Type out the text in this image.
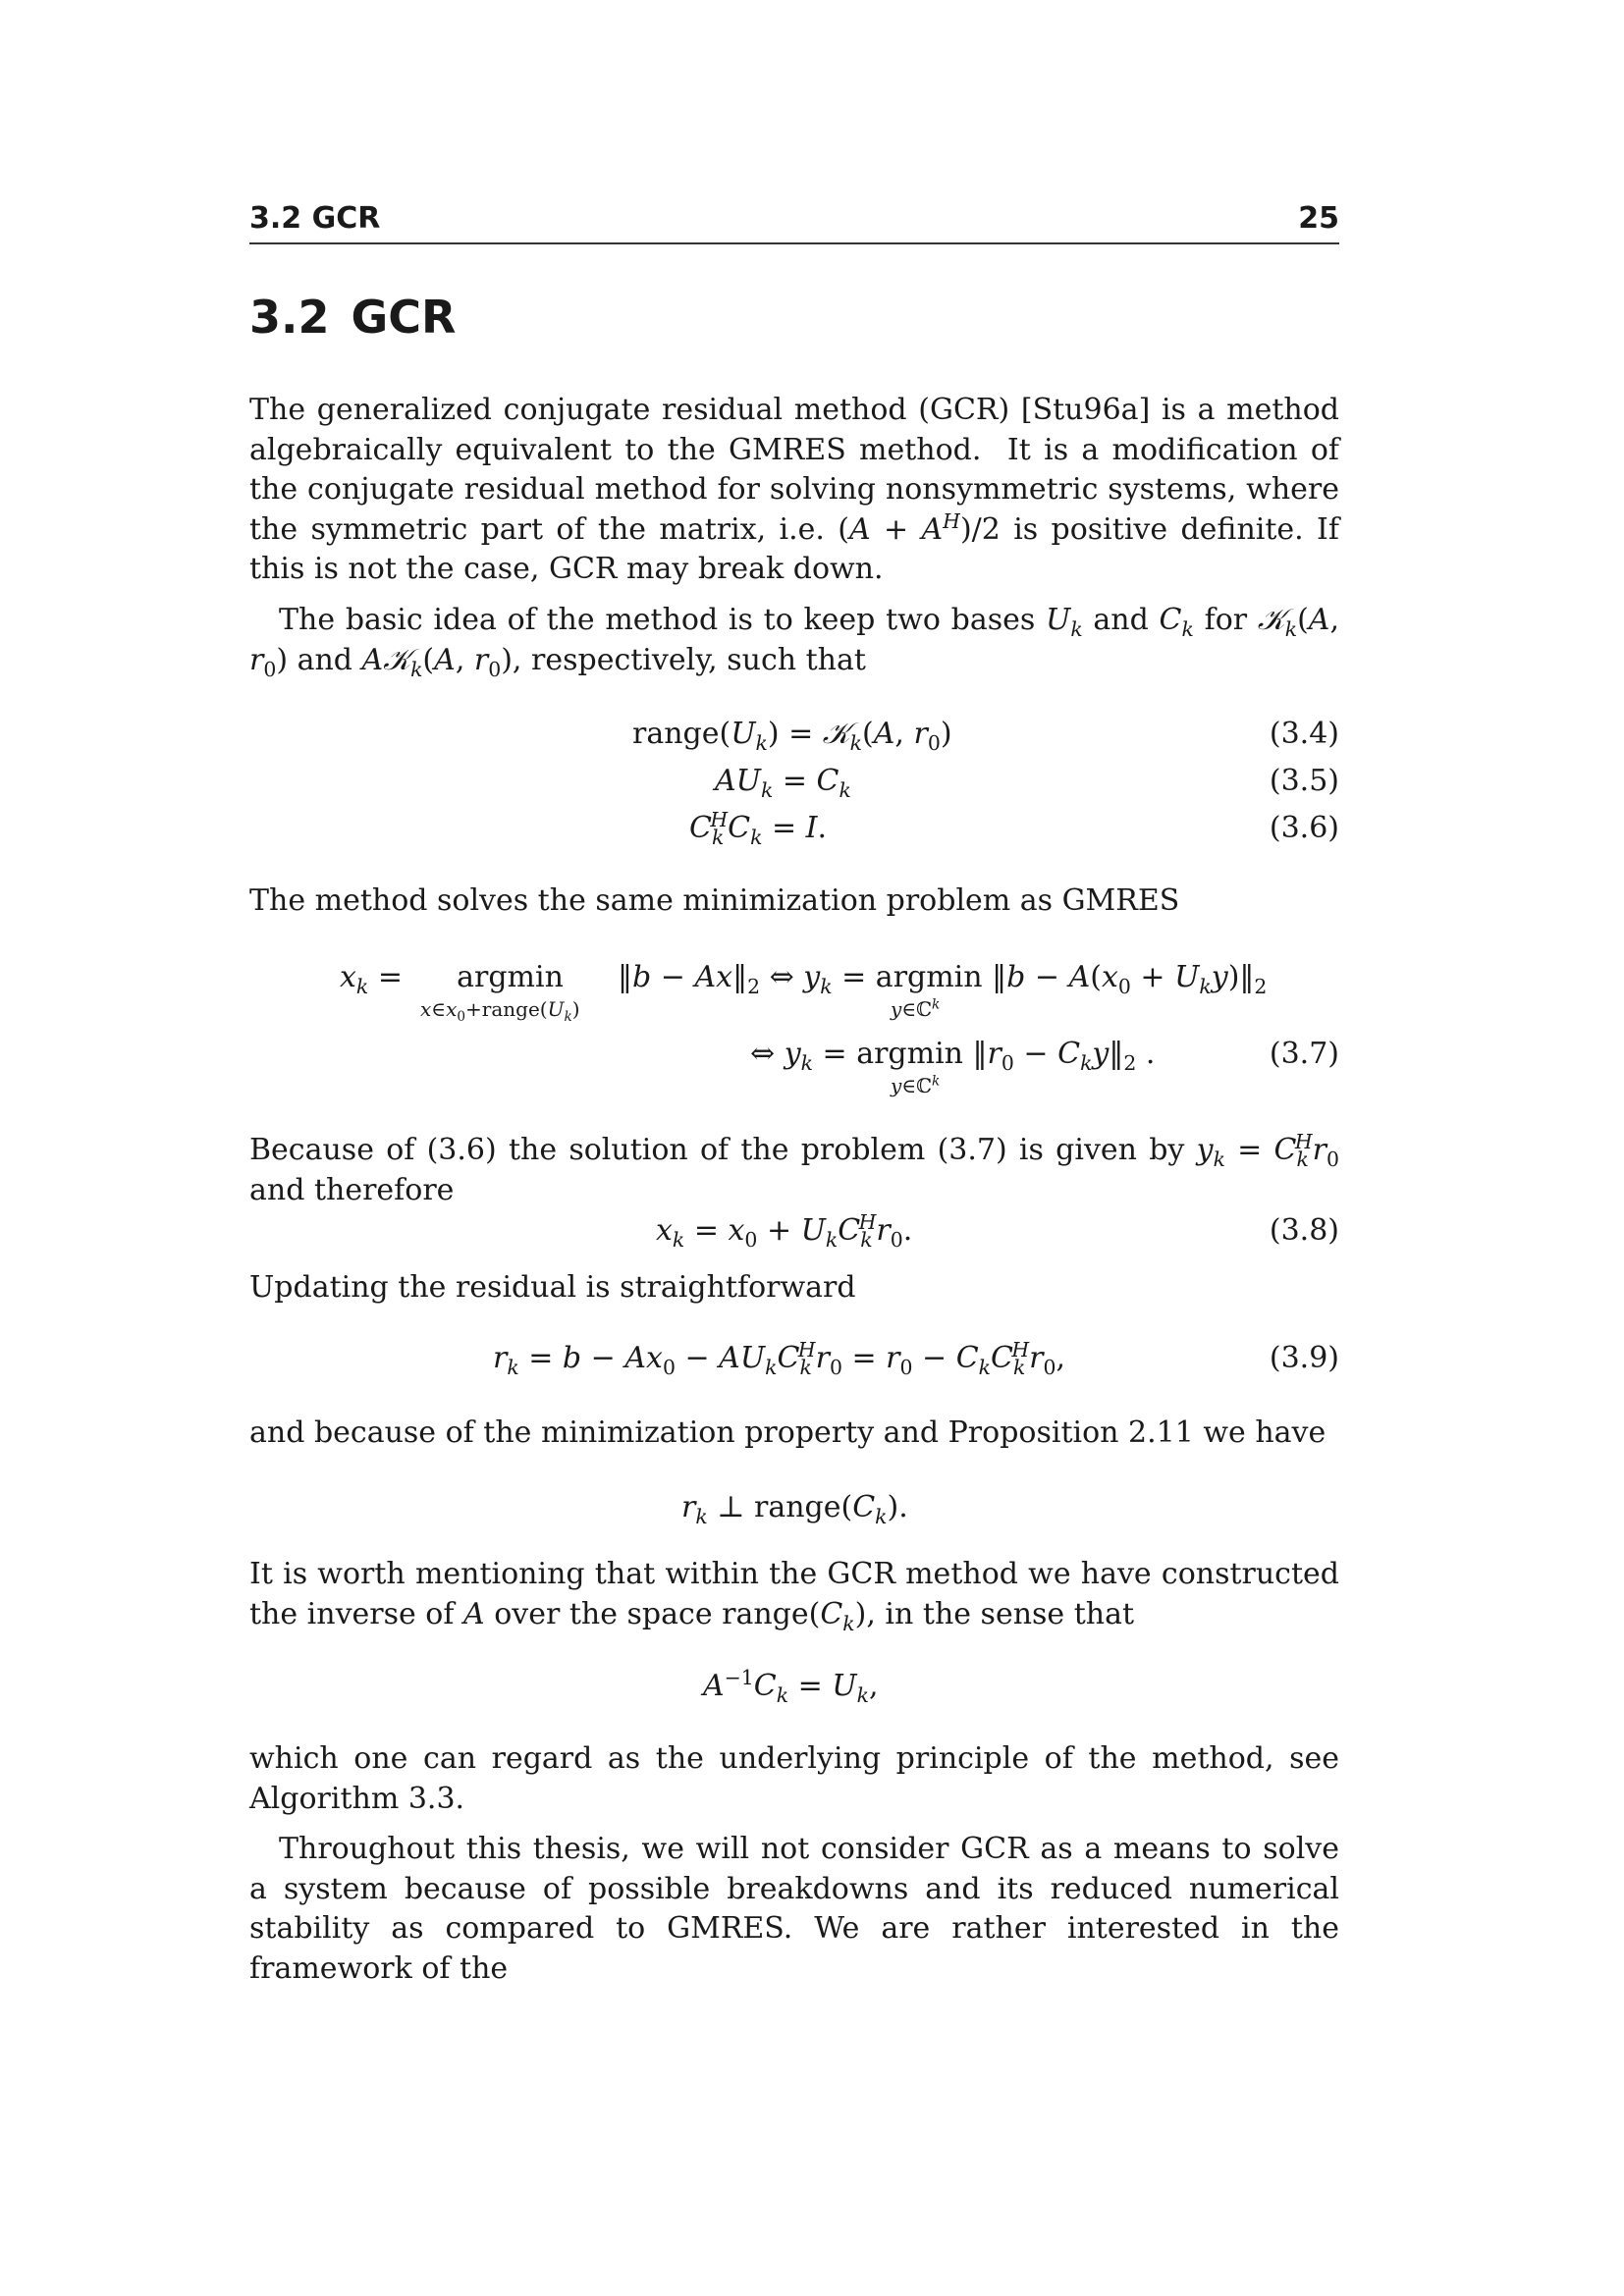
3.2 GCR	25
3.2 GCR

The generalized conjugate residual method (GCR) [Stu96a] is a method algebraically equivalent to the GMRES method.  It is a modification of the conjugate residual method for solving nonsymmetric systems, where the symmetric part of the matrix, i.e. $(A + A^H)/2$ is positive definite. If this is not the case, GCR may break down.

The basic idea of the method is to keep two bases $U_k$ and $C_k$ for 𝒦$_k$(A, $r_0$) and A𝒦$_k$(A, $r_0$), respectively, such that

$range(U_k)$ = 𝒦$_k$(A, $r_0$)	(3.4)
$AU_k = C_k$	(3.5)
$C_k^HC_k = I$.	(3.6)

The method solves the same minimization problem as GMRES

$x_k = argmin$ ‖b − $Ax‖_2$ ⇔ $y_k = argmin$ ‖b − $A(x_0$ + $U_ky)‖_2$
$x\in x_0+range(U_k)$	y∈ℂ$^k$
⇔ $y_k = argmin$ $‖r_0$ − $C_ky‖_2$ .
y∈ℂ$^k$
(3.7)

Because of (3.6) the solution of the problem (3.7) is given by $y_k = C_k^Hr_0$ and therefore

$x_k = x_0 + U_kC_k^Hr_0$.	(3.8)

Updating the residual is straightforward

$r_k = b - Ax_0 - AU_kC_k^Hr_0 = r_0 - C_kC_k^Hr_0$,	(3.9)

and because of the minimization property and Proposition 2.11 we have

$r_k$ ⊥ $range(C_k)$.

It is worth mentioning that within the GCR method we have constructed the inverse of A over the space $range(C_k)$, in the sense that

$A^{-1}C_k = U_k$,

which one can regard as the underlying principle of the method, see Algorithm 3.3.

Throughout this thesis, we will not consider GCR as a means to solve a system because of possible breakdowns and its reduced numerical stability as compared to GMRES. We are rather interested in the framework of the
